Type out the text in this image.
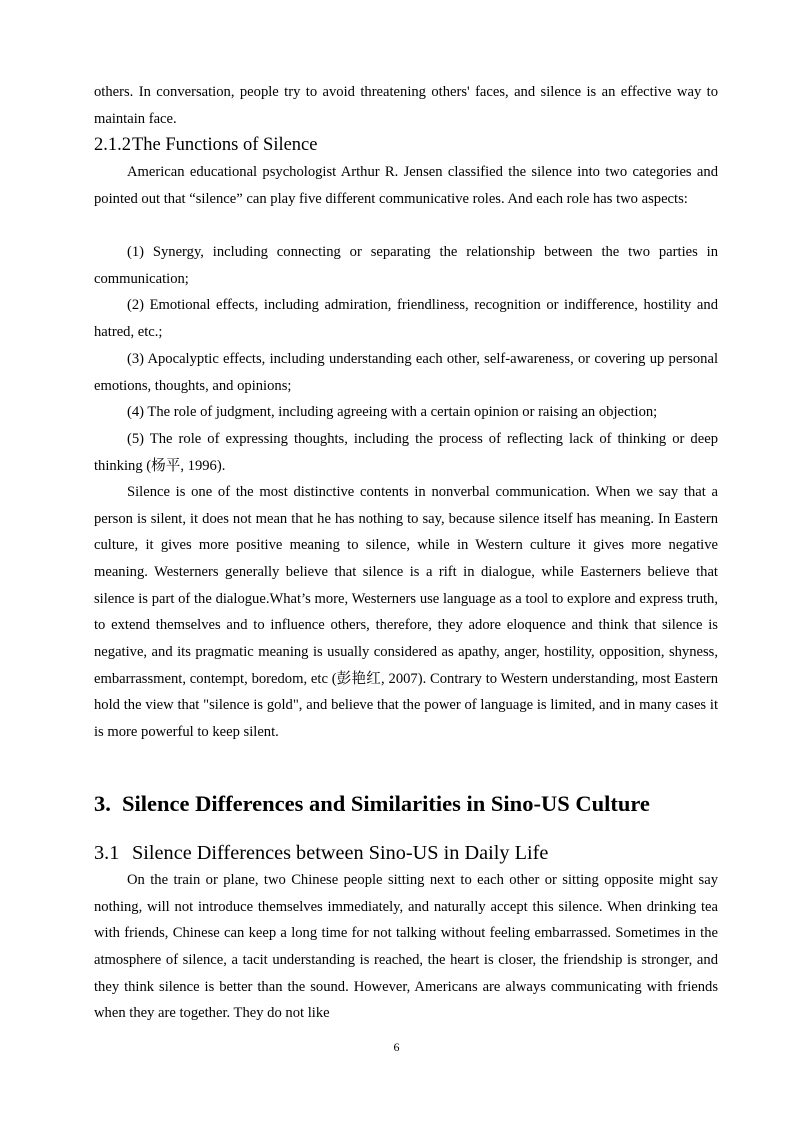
others. In conversation, people try to avoid threatening others' faces, and silence is an effective way to maintain face.

2.1.2The Functions of Silence

American educational psychologist Arthur R. Jensen classified the silence into two categories and pointed out that “silence” can play five different communicative roles. And each role has two aspects:

(1) Synergy, including connecting or separating the relationship between the two parties in communication;

(2) Emotional effects, including admiration, friendliness, recognition or indifference, hostility and hatred, etc.;

(3) Apocalyptic effects, including understanding each other, self-awareness, or covering up personal emotions, thoughts, and opinions;

(4) The role of judgment, including agreeing with a certain opinion or raising an objection;

(5) The role of expressing thoughts, including the process of reflecting lack of thinking or deep thinking (杨平, 1996).

Silence is one of the most distinctive contents in nonverbal communication. When we say that a person is silent, it does not mean that he has nothing to say, because silence itself has meaning. In Eastern culture, it gives more positive meaning to silence, while in Western culture it gives more negative meaning. Westerners generally believe that silence is a rift in dialogue, while Easterners believe that silence is part of the dialogue.What’s more, Westerners use language as a tool to explore and express truth, to extend themselves and to influence others, therefore, they adore eloquence and think that silence is negative, and its pragmatic meaning is usually considered as apathy, anger, hostility, opposition, shyness, embarrassment, contempt, boredom, etc (彭艳红, 2007). Contrary to Western understanding, most Eastern hold the view that "silence is gold", and believe that the power of language is limited, and in many cases it is more powerful to keep silent.

3. Silence Differences and Similarities in Sino-US Culture

3.1 Silence Differences between Sino-US in Daily Life

On the train or plane, two Chinese people sitting next to each other or sitting opposite might say nothing, will not introduce themselves immediately, and naturally accept this silence. When drinking tea with friends, Chinese can keep a long time for not talking without feeling embarrassed. Sometimes in the atmosphere of silence, a tacit understanding is reached, the heart is closer, the friendship is stronger, and they think silence is better than the sound. However, Americans are always communicating with friends when they are together. They do not like

6
